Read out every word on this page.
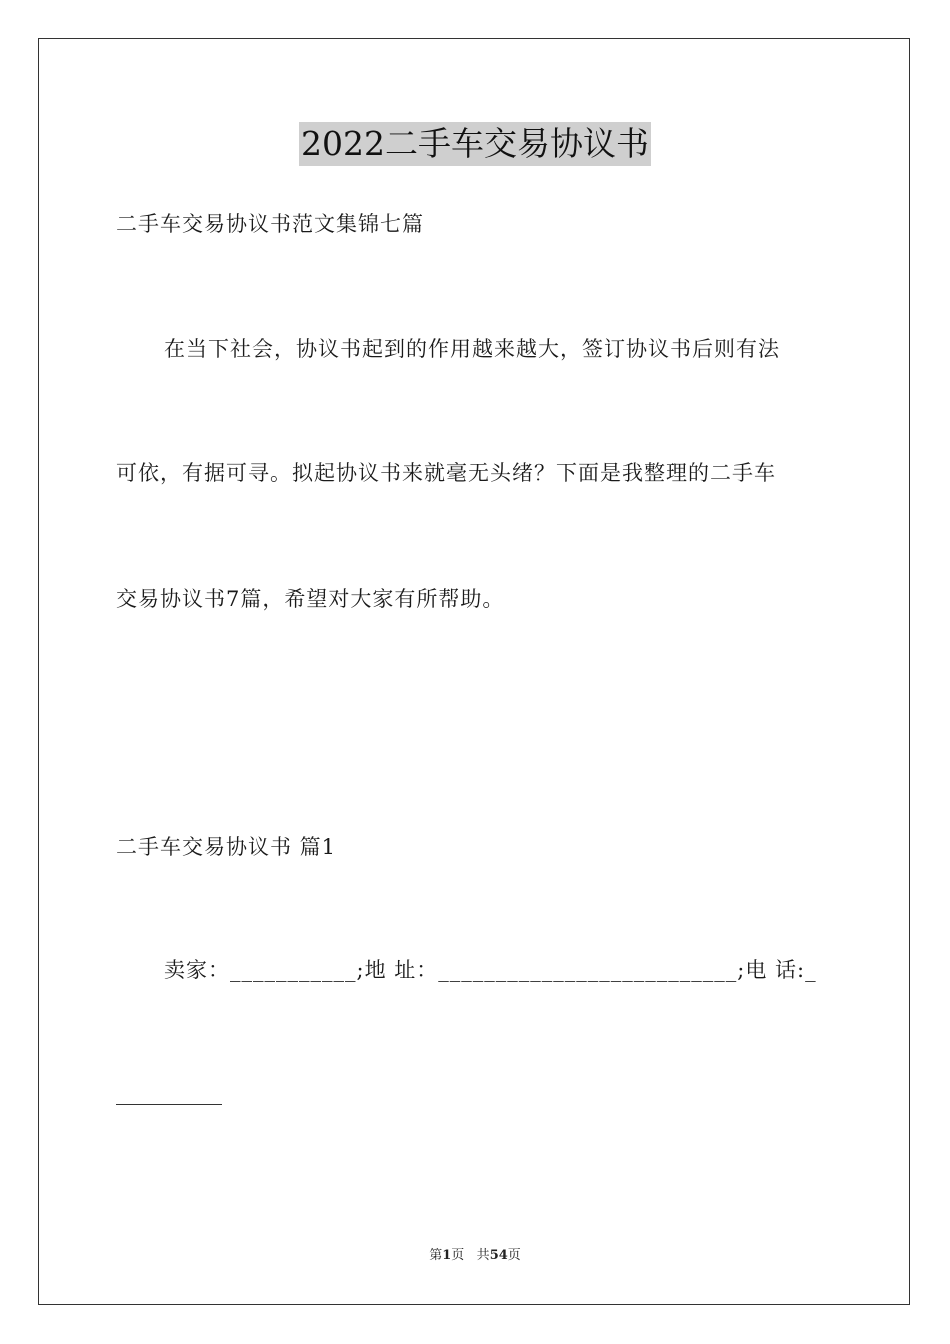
2022二手车交易协议书
二手车交易协议书范文集锦七篇
在当下社会，协议书起到的作用越来越大，签订协议书后则有法
可依，有据可寻。拟起协议书来就毫无头绪？下面是我整理的二手车
交易协议书7篇，希望对大家有所帮助。
二手车交易协议书 篇1
卖家：___________;地 址：__________________________;电 话:_
第1页 共54页
